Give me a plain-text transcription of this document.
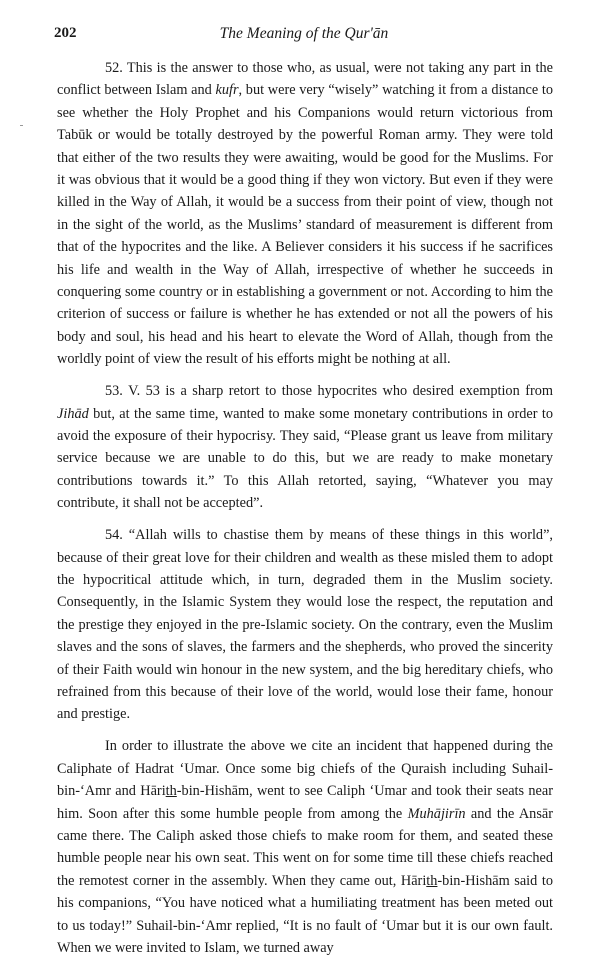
202	The Meaning of the Qur'ān

52. This is the answer to those who, as usual, were not taking any part in the conflict between Islam and kufr, but were very “wisely” watching it from a distance to see whether the Holy Prophet and his Companions would return victorious from Tabūk or would be totally destroyed by the powerful Roman army. They were told that either of the two results they were awaiting, would be good for the Muslims. For it was obvious that it would be a good thing if they won victory. But even if they were killed in the Way of Allah, it would be a success from their point of view, though not in the sight of the world, as the Muslims’ standard of measurement is different from that of the hypocrites and the like. A Believer considers it his success if he sacrifices his life and wealth in the Way of Allah, irrespective of whether he succeeds in conquering some country or in establishing a government or not. According to him the criterion of success or failure is whether he has extended or not all the powers of his body and soul, his head and his heart to elevate the Word of Allah, though from the worldly point of view the result of his efforts might be nothing at all.

53. V. 53 is a sharp retort to those hypocrites who desired exemption from Jihād but, at the same time, wanted to make some monetary contributions in order to avoid the exposure of their hypocrisy. They said, “Please grant us leave from military service because we are unable to do this, but we are ready to make monetary contributions towards it.” To this Allah retorted, saying, “Whatever you may contribute, it shall not be accepted”.

54. “Allah wills to chastise them by means of these things in this world”, because of their great love for their children and wealth as these misled them to adopt the hypocritical attitude which, in turn, degraded them in the Muslim society. Consequently, in the Islamic System they would lose the respect, the reputation and the prestige they enjoyed in the pre-Islamic society. On the contrary, even the Muslim slaves and the sons of slaves, the farmers and the shepherds, who proved the sincerity of their Faith would win honour in the new system, and the big hereditary chiefs, who refrained from this because of their love of the world, would lose their fame, honour and prestige.

In order to illustrate the above we cite an incident that happened during the Caliphate of Hadrat ‘Umar. Once some big chiefs of the Quraish including Suhail-bin-‘Amr and Hārith-bin-Hishām, went to see Caliph ‘Umar and took their seats near him. Soon after this some humble people from among the Muhājirīn and the Ansār came there. The Caliph asked those chiefs to make room for them, and seated these humble people near his own seat. This went on for some time till these chiefs reached the remotest corner in the assembly. When they came out, Hārith-bin-Hishām said to his companions, “You have noticed what a humiliating treatment has been meted out to us today!” Suhail-bin-‘Amr replied, “It is no fault of ‘Umar but it is our own fault. When we were invited to Islam, we turned away
